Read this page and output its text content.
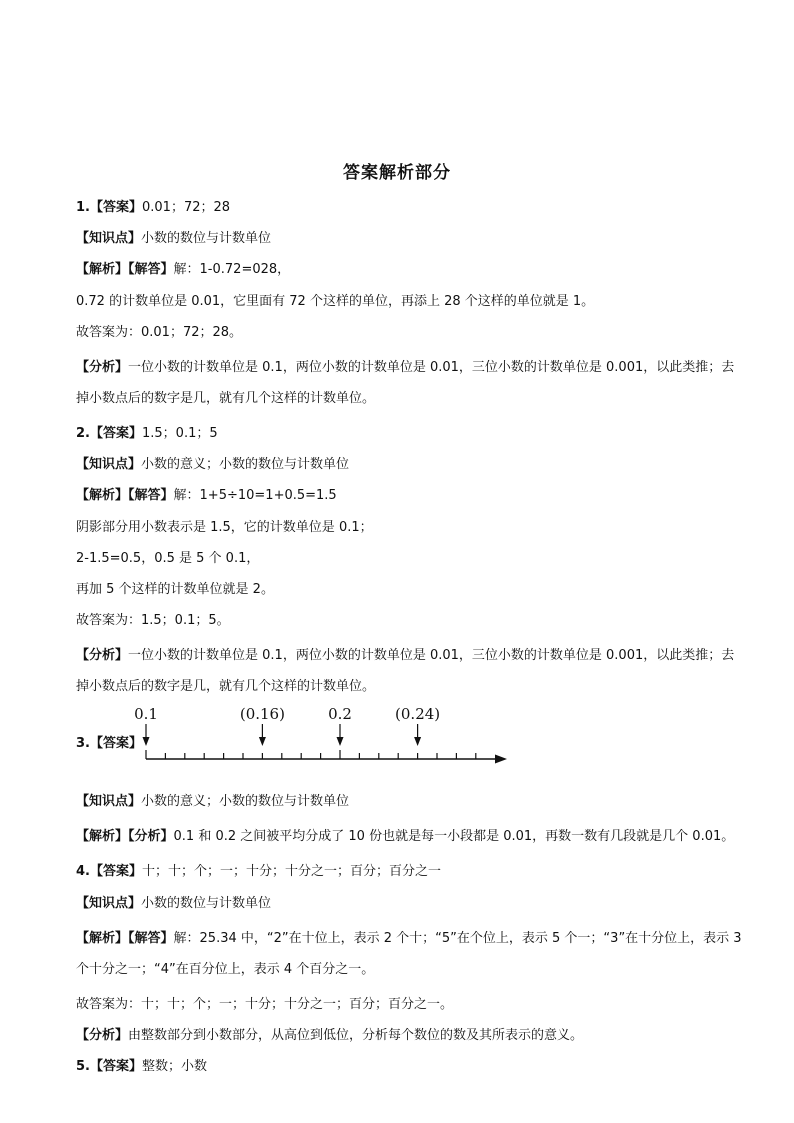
答案解析部分
1.【答案】0.01；72；28
【知识点】小数的数位与计数单位
【解析】【解答】解：1-0.72=028，
0.72 的计数单位是 0.01，它里面有 72 个这样的单位，再添上 28 个这样的单位就是 1。
故答案为：0.01；72；28。
【分析】一位小数的计数单位是 0.1，两位小数的计数单位是 0.01，三位小数的计数单位是 0.001，以此类推；去掉小数点后的数字是几，就有几个这样的计数单位。
2.【答案】1.5；0.1；5
【知识点】小数的意义；小数的数位与计数单位
【解析】【解答】解：1+5÷10=1+0.5=1.5
阴影部分用小数表示是 1.5，它的计数单位是 0.1；
2-1.5=0.5，0.5 是 5 个 0.1，
再加 5 个这样的计数单位就是 2。
故答案为：1.5；0.1；5。
【分析】一位小数的计数单位是 0.1，两位小数的计数单位是 0.01，三位小数的计数单位是 0.001，以此类推；去掉小数点后的数字是几，就有几个这样的计数单位。
3.【答案】
0.1	(0.16)	0.2	(0.24)
【知识点】小数的意义；小数的数位与计数单位
【解析】【分析】0.1 和 0.2 之间被平均分成了 10 份也就是每一小段都是 0.01，再数一数有几段就是几个 0.01。
4.【答案】十；十；个；一；十分；十分之一；百分；百分之一
【知识点】小数的数位与计数单位
【解析】【解答】解：25.34 中，“2”在十位上，表示 2 个十；“5”在个位上，表示 5 个一；“3”在十分位上，表示 3 个十分之一；“4”在百分位上，表示 4 个百分之一。
故答案为：十；十；个；一；十分；十分之一；百分；百分之一。
【分析】由整数部分到小数部分，从高位到低位，分析每个数位的数及其所表示的意义。
5.【答案】整数；小数
